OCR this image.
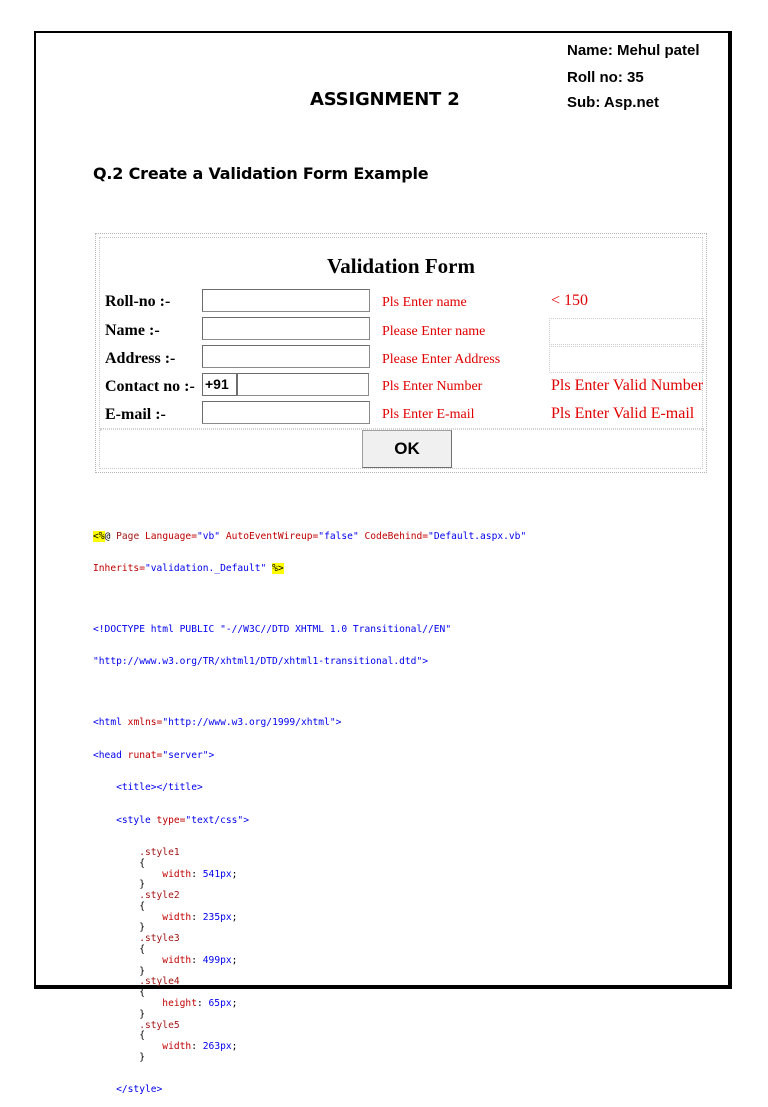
Name: Mehul patel
Roll no: 35
Sub: Asp.net
ASSIGNMENT 2
Q.2 Create a Validation Form Example
Validation Form
Roll-no :-	Pls Enter name	< 150
Name :-	Please Enter name
Address :-	Please Enter Address
Contact no :- +91	Pls Enter Number	Pls Enter Valid Number
E-mail :-	Pls Enter E-mail	Pls Enter Valid E-mail
OK

<%@ Page Language="vb" AutoEventWireup="false" CodeBehind="Default.aspx.vb"

Inherits="validation._Default" %>

<!DOCTYPE html PUBLIC "-//W3C//DTD XHTML 1.0 Transitional//EN"

"http://www.w3.org/TR/xhtml1/DTD/xhtml1-transitional.dtd">

<html xmlns="http://www.w3.org/1999/xhtml">

<head runat="server">

<title></title>

<style type="text/css">

.style1
{
width: 541px;
}
.style2
{
width: 235px;
}
.style3
{
width: 499px;
}
.style4
{
height: 65px;
}
.style5
{
width: 263px;
}

</style>
